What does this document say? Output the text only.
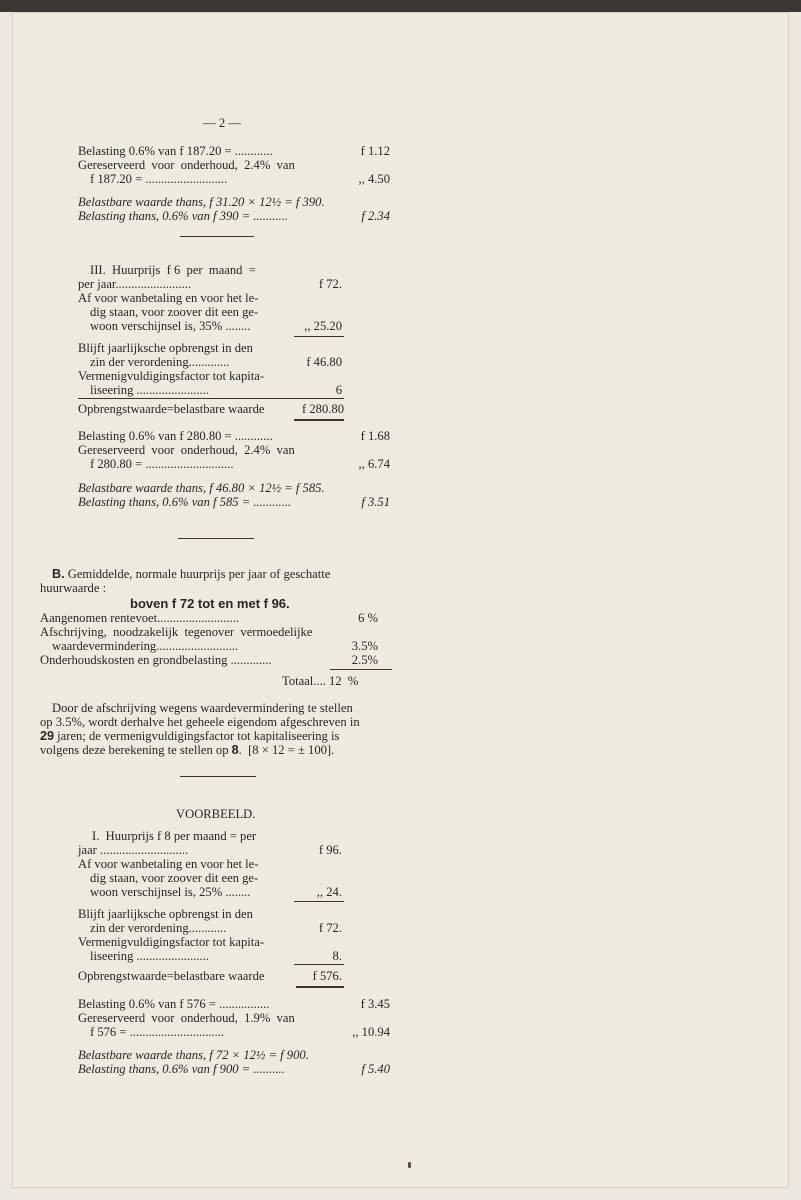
— 2 —
Belasting 0.6% van f 187.20 = ............	f 1.12
Gereserveerd  voor  onderhoud,  2.4%  van
f 187.20 = ..........................	,, 4.50
Belastbare waarde thans, f 31.20 × 12½ = f 390.
Belasting thans, 0.6% van f 390 = ...........	f 2.34
III.  Huurprijs  f 6  per  maand  =
per jaar........................	f 72.
Af voor wanbetaling en voor het le-
dig staan, voor zoover dit een ge-
woon verschijnsel is, 35% ........	,, 25.20
Blijft jaarlijksche opbrengst in den
zin der verordening.............	f 46.80
Vermenigvuldigingsfactor tot kapita-
liseering .......................	6
Opbrengstwaarde=belastbare waarde	f 280.80
Belasting 0.6% van f 280.80 = ............	f 1.68
Gereserveerd  voor  onderhoud,  2.4%  van
f 280.80 = ............................	,, 6.74
Belastbare waarde thans, f 46.80 × 12½ = f 585.
Belasting thans, 0.6% van f 585 = ............	f 3.51
B. Gemiddelde, normale huurprijs per jaar of geschatte
huurwaarde :
boven f 72 tot en met f 96.
Aangenomen rentevoet..........................	6 %
Afschrijving,  noodzakelijk  tegenover  vermoedelijke
waardevermindering..........................	3.5%
Onderhoudskosten en grondbelasting .............	2.5%
Totaal.... 12  %
Door de afschrijving wegens waardevermindering te stellen
op 3.5%, wordt derhalve het geheele eigendom afgeschreven in
29 jaren; de vermenigvuldigingsfactor tot kapitaliseering is
volgens deze berekening te stellen op 8.  [8 × 12 = ± 100].
VOORBEELD.
I.  Huurprijs f 8 per maand = per
jaar ............................	f 96.
Af voor wanbetaling en voor het le-
dig staan, voor zoover dit een ge-
woon verschijnsel is, 25% ........	,, 24.
Blijft jaarlijksche opbrengst in den
zin der verordening............	f 72.
Vermenigvuldigingsfactor tot kapita-
liseering .......................	8.
Opbrengstwaarde=belastbare waarde	f 576.
Belasting 0.6% van f 576 = ................	f 3.45
Gereserveerd  voor  onderhoud,  1.9%  van
f 576 = ..............................	,, 10.94
Belastbare waarde thans, f 72 × 12½ = f 900.
Belasting thans, 0.6% van f 900 = ..........	f 5.40
